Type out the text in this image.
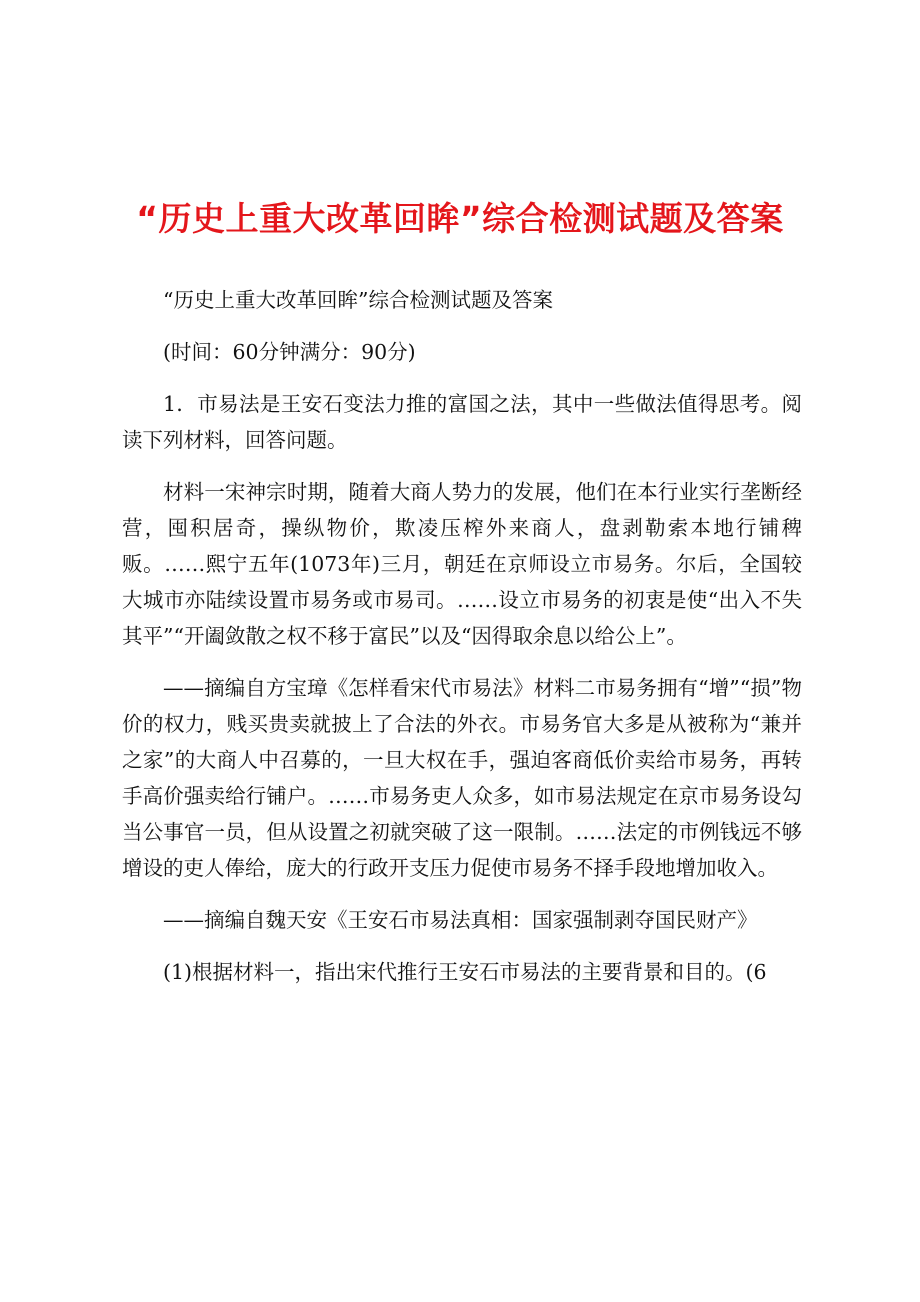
“历史上重大改革回眸”综合检测试题及答案

“历史上重大改革回眸”综合检测试题及答案

(时间：60分钟满分：90分)

1．市易法是王安石变法力推的富国之法，其中一些做法值得思考。阅读下列材料，回答问题。

材料一宋神宗时期，随着大商人势力的发展，他们在本行业实行垄断经营，囤积居奇，操纵物价，欺凌压榨外来商人，盘剥勒索本地行铺稗贩。……熙宁五年(1073年)三月，朝廷在京师设立市易务。尔后，全国较大城市亦陆续设置市易务或市易司。……设立市易务的初衷是使“出入不失其平”“开阖敛散之权不移于富民”以及“因得取余息以给公上”。

——摘编自方宝璋《怎样看宋代市易法》材料二市易务拥有“增”“损”物价的权力，贱买贵卖就披上了合法的外衣。市易务官大多是从被称为“兼并之家”的大商人中召募的，一旦大权在手，强迫客商低价卖给市易务，再转手高价强卖给行铺户。……市易务吏人众多，如市易法规定在京市易务设勾当公事官一员，但从设置之初就突破了这一限制。……法定的市例钱远不够增设的吏人俸给，庞大的行政开支压力促使市易务不择手段地增加收入。

——摘编自魏天安《王安石市易法真相：国家强制剥夺国民财产》

(1)根据材料一，指出宋代推行王安石市易法的主要背景和目的。(6
